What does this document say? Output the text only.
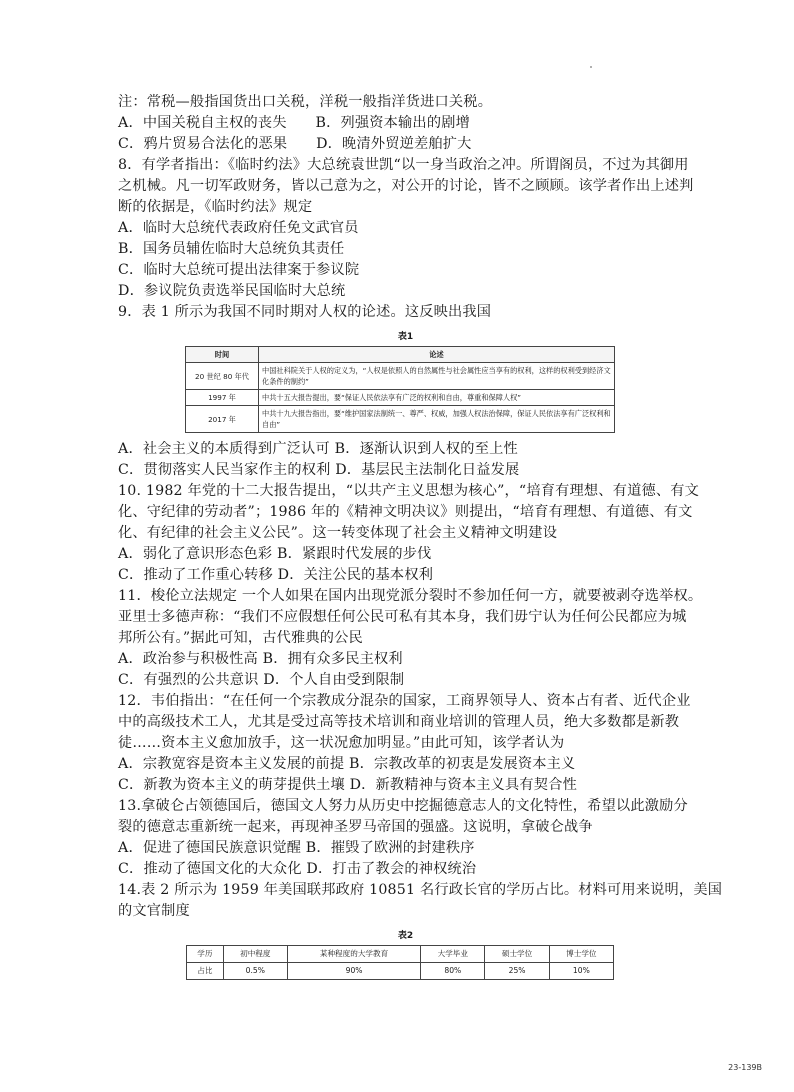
注：常税—般指国货出口关税，洋税一般指洋货进口关税。
A．中国关税自主权的丧失　　B．列强资本输出的剧增
C．鸦片贸易合法化的恶果　　D．晚清外贸逆差舶扩大
8．有学者指出：《临时约法》大总统袁世凯“以一身当政治之冲。所谓阁员，不过为其御用
之机械。凡一切军政财务，皆以己意为之，对公开的讨论，皆不之顾顾。该学者作出上述判
断的依据是，《临时约法》规定
A．临时大总统代表政府任免文武官员
B．国务员辅佐临时大总统负其责任
C．临时大总统可提出法律案于参议院
D．参议院负责选举民国临时大总统
9．表 1 所示为我国不同时期对人权的论述。这反映出我国
表1
时间	论述
20 世纪 80 年代	中国社科院关于人权的定义为，“人权是依照人的自然属性与社会属性应当享有的权利，这样的权利受到经济文化条件的制约”
1997 年	中共十五大报告提出，要“保证人民依法享有广泛的权利和自由，尊重和保障人权”
2017 年	中共十九大报告指出，要“维护国家法制统一、尊严、权威，加强人权法治保障，保证人民依法享有广泛权利和自由”
A．社会主义的本质得到广泛认可 B．逐渐认识到人权的至上性
C．贯彻落实人民当家作主的权利 D．基层民主法制化日益发展
10. 1982 年党的十二大报告提出，“以共产主义思想为核心”，“培育有理想、有道德、有文
化、守纪律的劳动者”；1986 年的《精神文明决议》则提出，“培育有理想、有道德、有文
化、有纪律的社会主义公民”。这一转变体现了社会主义精神文明建设
A．弱化了意识形态色彩 B．紧跟时代发展的步伐
C．推动了工作重心转移 D．关注公民的基本权利
11．梭伦立法规定 一个人如果在国内出现党派分裂时不参加任何一方，就要被剥夺选举权。
亚里士多德声称：“我们不应假想任何公民可私有其本身，我们毋宁认为任何公民都应为城
邦所公有。”据此可知，古代雅典的公民
A．政治参与积极性高 B．拥有众多民主权利
C．有强烈的公共意识 D．个人自由受到限制
12．韦伯指出：“在任何一个宗教成分混杂的国家，工商界领导人、资本占有者、近代企业
中的高级技术工人，尤其是受过高等技术培训和商业培训的管理人员，绝大多数都是新教
徒……资本主义愈加放手，这一状况愈加明显。”由此可知，该学者认为
A．宗教宽容是资本主义发展的前提 B．宗教改革的初衷是发展资本主义
C．新教为资本主义的萌芽提供土壤 D．新教精神与资本主义具有契合性
13.拿破仑占领德国后，德国文人努力从历史中挖掘德意志人的文化特性，希望以此激励分
裂的德意志重新统一起来，再现神圣罗马帝国的强盛。这说明，拿破仑战争
A．促进了德国民族意识觉醒 B．摧毁了欧洲的封建秩序
C．推动了德国文化的大众化 D．打击了教会的神权统治
14.表 2 所示为 1959 年美国联邦政府 10851 名行政长官的学历占比。材料可用来说明，美国
的文官制度
表2
学历	初中程度	某种程度的大学教育	大学毕业	硕士学位	博士学位
占比	0.5%	90%	80%	25%	10%
23-139B
